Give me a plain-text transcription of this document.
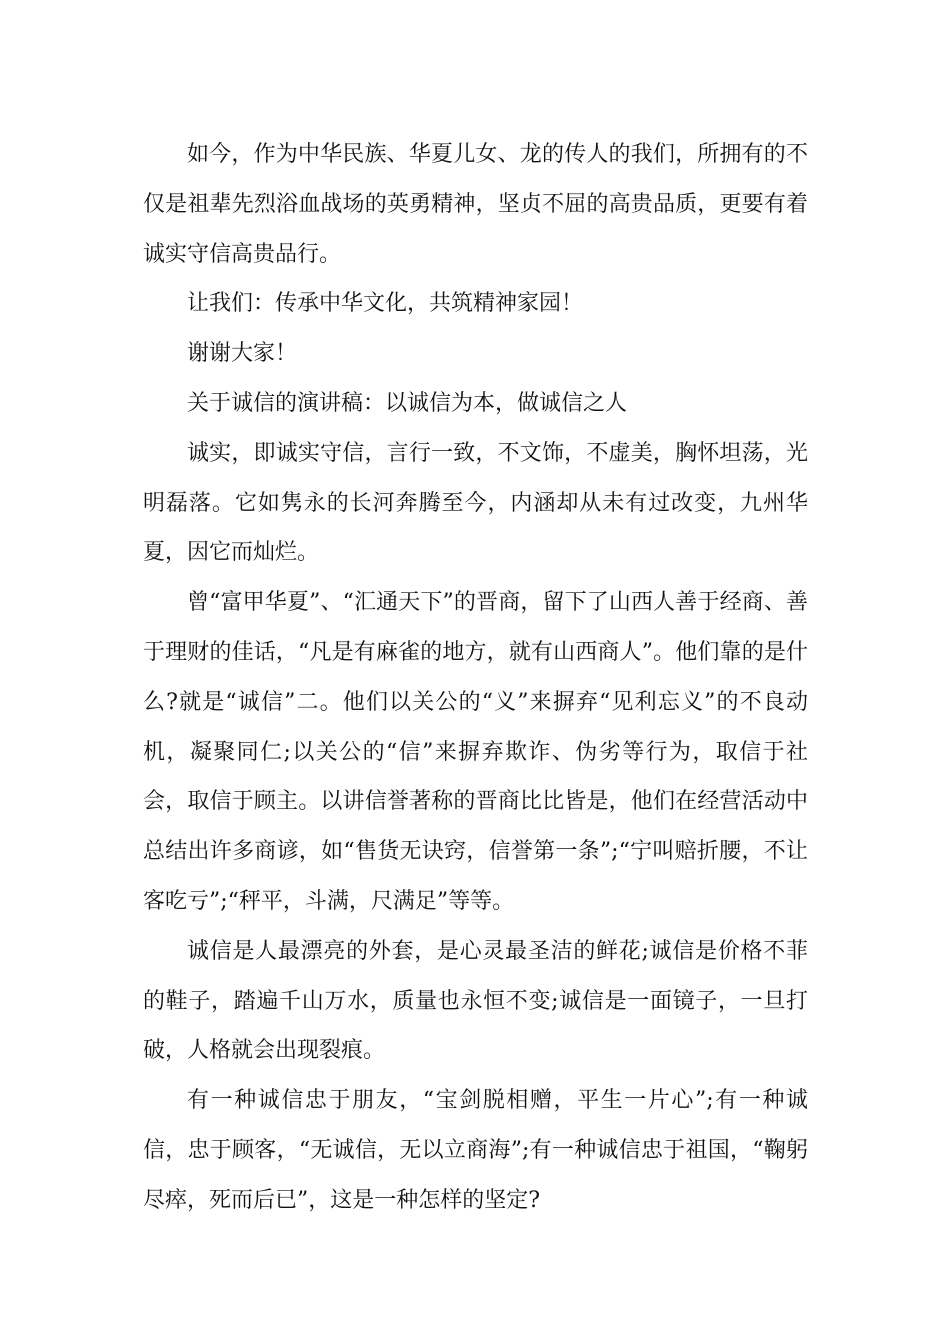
如今，作为中华民族、华夏儿女、龙的传人的我们，所拥有的不仅是祖辈先烈浴血战场的英勇精神，坚贞不屈的高贵品质，更要有着诚实守信高贵品行。

让我们：传承中华文化，共筑精神家园！

谢谢大家！

关于诚信的演讲稿：以诚信为本，做诚信之人

诚实，即诚实守信，言行一致，不文饰，不虚美，胸怀坦荡，光明磊落。它如隽永的长河奔腾至今，内涵却从未有过改变，九州华夏，因它而灿烂。

曾“富甲华夏”、“汇通天下”的晋商，留下了山西人善于经商、善于理财的佳话，“凡是有麻雀的地方，就有山西商人”。他们靠的是什么?就是“诚信”二。他们以关公的“义”来摒弃“见利忘义”的不良动机，凝聚同仁;以关公的“信”来摒弃欺诈、伪劣等行为，取信于社会，取信于顾主。以讲信誉著称的晋商比比皆是，他们在经营活动中总结出许多商谚，如“售货无诀窍，信誉第一条”;“宁叫赔折腰，不让客吃亏”;“秤平，斗满，尺满足”等等。

诚信是人最漂亮的外套，是心灵最圣洁的鲜花;诚信是价格不菲的鞋子，踏遍千山万水，质量也永恒不变;诚信是一面镜子，一旦打破，人格就会出现裂痕。

有一种诚信忠于朋友，“宝剑脱相赠，平生一片心”;有一种诚信，忠于顾客，“无诚信，无以立商海”;有一种诚信忠于祖国，“鞠躬尽瘁，死而后已”，这是一种怎样的坚定?
